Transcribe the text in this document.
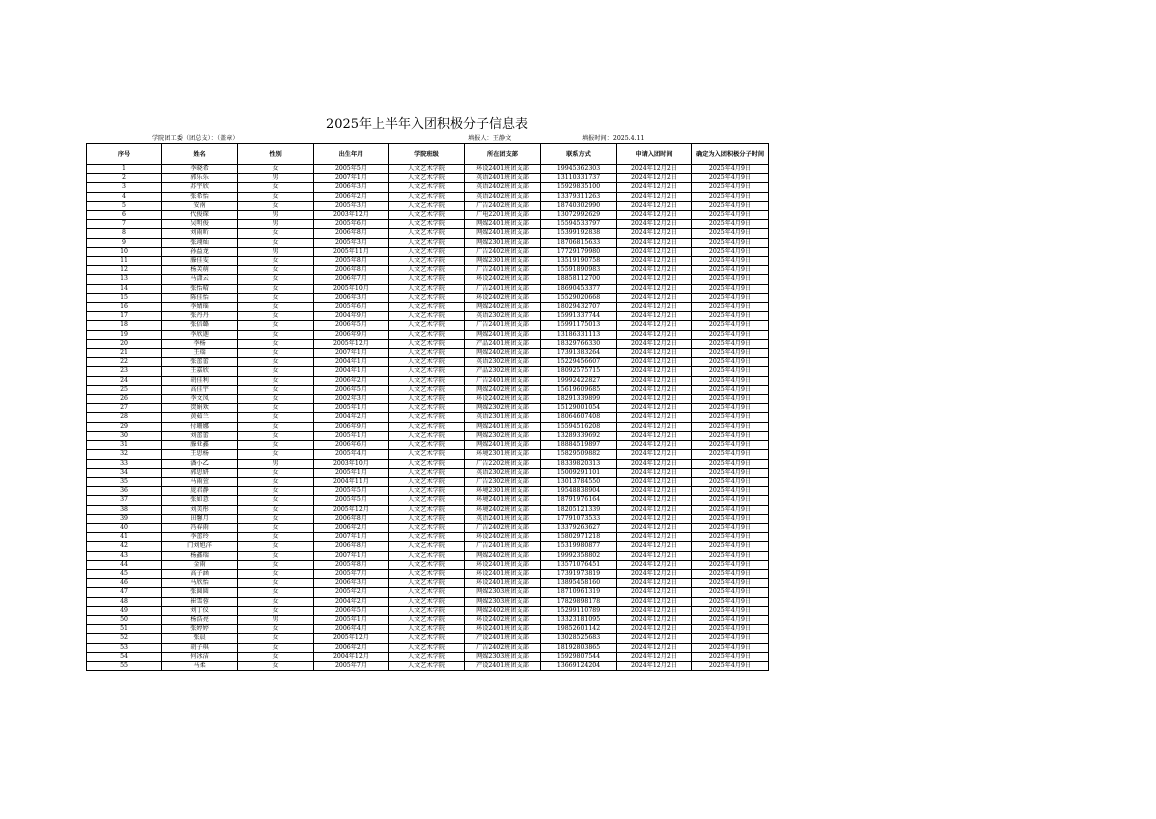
2025年上半年入团积极分子信息表
学院团工委（团总支）：（盖章）	填报人：王静文	填报时间：2025.4.11
序号	姓名	性别	出生年月	学院班级	所在团支部	联系方式	申请入团时间	确定为入团积极分子时间
1	李晓希	女	2005年5月	人文艺术学院	环设2401班团支部	19945362303	2024年12月2日	2025年4月9日
2	郭乐乐	男	2007年1月	人文艺术学院	英语2401班团支部	13110331737	2024年12月2日	2025年4月9日
3	苏宇欣	女	2006年3月	人文艺术学院	英语2402班团支部	15929835100	2024年12月2日	2025年4月9日
4	张希怡	女	2006年2月	人文艺术学院	英语2402班团支部	13379311263	2024年12月2日	2025年4月9日
5	安南	女	2005年3月	人文艺术学院	广告2402班团支部	18740302990	2024年12月2日	2025年4月9日
6	代俊琛	男	2003年12月	人文艺术学院	广电2201班团支部	13072992629	2024年12月2日	2025年4月9日
7	吴明俊	男	2005年6月	人文艺术学院	网媒2401班团支部	15594533797	2024年12月2日	2025年4月9日
8	刘雨昕	女	2006年8月	人文艺术学院	网媒2401班团支部	15399192838	2024年12月2日	2025年4月9日
9	张翊灿	女	2005年3月	人文艺术学院	网媒2301班团支部	18706815633	2024年12月2日	2025年4月9日
10	孙益龙	男	2005年11月	人文艺术学院	广告2402班团支部	17729179980	2024年12月2日	2025年4月9日
11	滕佳雯	女	2005年8月	人文艺术学院	网媒2301班团支部	13519190758	2024年12月2日	2025年4月9日
12	杨芙萌	女	2006年8月	人文艺术学院	广告2401班团支部	15591890983	2024年12月2日	2025年4月9日
13	马潇云	女	2006年7月	人文艺术学院	环设2402班团支部	18858112700	2024年12月2日	2025年4月9日
14	张怡晴	女	2005年10月	人文艺术学院	广告2401班团支部	18690453377	2024年12月2日	2025年4月9日
15	陈佳怡	女	2006年3月	人文艺术学院	环设2402班团支部	15529020668	2024年12月2日	2025年4月9日
16	李婧瑶	女	2005年6月	人文艺术学院	网媒2402班团支部	18029432707	2024年12月2日	2025年4月9日
17	张丹丹	女	2004年9月	人文艺术学院	英语2302班团支部	15991337744	2024年12月2日	2025年4月9日
18	张倍璐	女	2006年5月	人文艺术学院	广告2401班团支部	15991175013	2024年12月2日	2025年4月9日
19	李欣迦	女	2006年9月	人文艺术学院	网媒2401班团支部	13186331113	2024年12月2日	2025年4月9日
20	李杨	女	2005年12月	人文艺术学院	产品2401班团支部	18329766330	2024年12月2日	2025年4月9日
21	王瑞	女	2007年1月	人文艺术学院	网媒2402班团支部	17391383264	2024年12月2日	2025年4月9日
22	张蕾蕾	女	2004年1月	人文艺术学院	英语2302班团支部	15229456607	2024年12月2日	2025年4月9日
23	王嘉欣	女	2004年1月	人文艺术学院	产品2302班团支部	18092575715	2024年12月2日	2025年4月9日
24	胡佳利	女	2006年2月	人文艺术学院	广告2401班团支部	19992422827	2024年12月2日	2025年4月9日
25	高佳宇	女	2006年5月	人文艺术学院	网媒2402班团支部	15619609685	2024年12月2日	2025年4月9日
26	李文凤	女	2002年3月	人文艺术学院	环设2402班团支部	18291339899	2024年12月2日	2025年4月9日
27	贺娟欢	女	2005年1月	人文艺术学院	网媒2302班团支部	15129001054	2024年12月2日	2025年4月9日
28	黄茹兰	女	2004年2月	人文艺术学院	英语2301班团支部	18064607408	2024年12月2日	2025年4月9日
29	付珊娜	女	2006年9月	人文艺术学院	网媒2401班团支部	15594516208	2024年12月2日	2025年4月9日
30	刘蕾蕾	女	2005年1月	人文艺术学院	网媒2302班团支部	13289339692	2024年12月2日	2025年4月9日
31	滕亚鑫	女	2006年6月	人文艺术学院	网媒2401班团支部	18884519897	2024年12月2日	2025年4月9日
32	王思杨	女	2005年4月	人文艺术学院	环境2301班团支部	15829509882	2024年12月2日	2025年4月9日
33	潘小乙	男	2003年10月	人文艺术学院	广告2202班团支部	18339820313	2024年12月2日	2025年4月9日
34	郭思妍	女	2005年1月	人文艺术学院	英语2302班团支部	15009291101	2024年12月2日	2025年4月9日
35	马雨萱	女	2004年11月	人文艺术学院	广告2302班团支部	13013784550	2024年12月2日	2025年4月9日
36	庞君静	女	2005年5月	人文艺术学院	环境2301班团支部	19548838904	2024年12月2日	2025年4月9日
37	张如意	女	2005年5月	人文艺术学院	环境2401班团支部	18791976164	2024年12月2日	2025年4月9日
38	刘美彤	女	2005年12月	人文艺术学院	环境2402班团支部	18205121339	2024年12月2日	2025年4月9日
39	田馨月	女	2006年8月	人文艺术学院	英语2401班团支部	17791073533	2024年12月2日	2025年4月9日
40	冯春雨	女	2006年2月	人文艺术学院	广告2402班团支部	13379263627	2024年12月2日	2025年4月9日
41	李蕾玲	女	2007年1月	人文艺术学院	环设2402班团支部	15802971218	2024年12月2日	2025年4月9日
42	门刘旭洋	女	2006年8月	人文艺术学院	广告2401班团支部	15319980877	2024年12月2日	2025年4月9日
43	杨鑫瑞	女	2007年1月	人文艺术学院	网媒2402班团支部	19992358802	2024年12月2日	2025年4月9日
44	金雨	女	2005年8月	人文艺术学院	环设2401班团支部	13571076451	2024年12月2日	2025年4月9日
45	高子涵	女	2005年7月	人文艺术学院	环设2401班团支部	17391973819	2024年12月2日	2025年4月9日
46	马欣怡	女	2006年3月	人文艺术学院	环设2401班团支部	13895458160	2024年12月2日	2025年4月9日
47	张圆圆	女	2005年2月	人文艺术学院	网媒2303班团支部	18710961319	2024年12月2日	2025年4月9日
48	崔雪蓉	女	2004年2月	人文艺术学院	网媒2303班团支部	17829898178	2024年12月2日	2025年4月9日
49	刘丁仪	女	2006年5月	人文艺术学院	网媒2402班团支部	15299110789	2024年12月2日	2025年4月9日
50	杨浩亮	男	2005年1月	人文艺术学院	环设2402班团支部	13323181095	2024年12月2日	2025年4月9日
51	张婷婷	女	2006年4月	人文艺术学院	环设2401班团支部	19852601142	2024年12月2日	2025年4月9日
52	张晨	女	2005年12月	人文艺术学院	产设2401班团支部	13028525683	2024年12月2日	2025年4月9日
53	胡子琪	女	2006年2月	人文艺术学院	广告2402班团支部	18192803865	2024年12月2日	2025年4月9日
54	何冰洁	女	2004年12月	人文艺术学院	网媒2303班团支部	15929807544	2024年12月2日	2025年4月9日
55	马柔	女	2005年7月	人文艺术学院	产设2401班团支部	13669124204	2024年12月2日	2025年4月9日
